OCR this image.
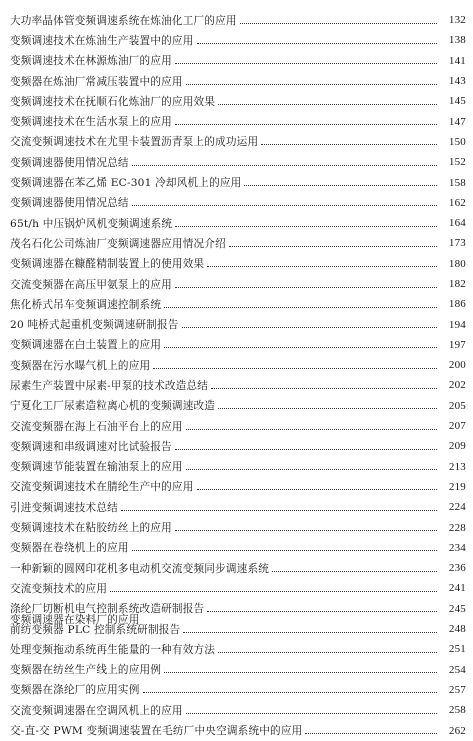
大功率晶体管变频调速系统在炼油化工厂的应用	132
变频调速技术在炼油生产装置中的应用	138
变频调速技术在林源炼油厂的应用	141
变频器在炼油厂常减压装置中的应用	143
变频调速技术在抚顺石化炼油厂的应用效果	145
变频调速技术在生活水泵上的应用	147
交流变频调速技术在尤里卡装置沥青泵上的成功运用	150
变频调速器使用情况总结	152
变频调速器在苯乙烯 EC-301 冷却风机上的应用	158
变频调速器使用情况总结	162
65t/h 中压锅炉风机变频调速系统	164
茂名石化公司炼油厂变频调速器应用情况介绍	173
变频调速器在糠醛精制装置上的使用效果	180
交流变频器在高压甲氨泵上的应用	182
焦化桥式吊车变频调速控制系统	186
20 吨桥式起重机变频调速研制报告	194
变频调速器在白土装置上的应用	197
变频器在污水曝气机上的应用	200
尿素生产装置中尿素-甲泵的技术改造总结	202
宁夏化工厂尿素造粒离心机的变频调速改造	205
交流变频器在海上石油平台上的应用	207
变频调速和串级调速对比试验报告	209
变频调速节能装置在输油泵上的应用	213
交流变频调速技术在腈纶生产中的应用	219
引进变频调速技术总结	224
变频调速技术在粘胶纺丝上的应用	228
变频器在卷绕机上的应用	234
一种新颖的圆网印花机多电动机交流变频同步调速系统	236
交流变频技术的应用	241
涤纶厂切断机电气控制系统改造研制报告	245
前纺变频器 PLC 控制系统研制报告	248
处理变频拖动系统再生能量的一种有效方法	251
变频器在纺丝生产线上的应用例	254
变频器在涤纶厂的应用实例	257
交流变频调速器在空调风机上的应用	258
交-直-交 PWM 变频调速装置在毛纺厂中央空调系统中的应用	262
变频调速器在染料厂的应用
